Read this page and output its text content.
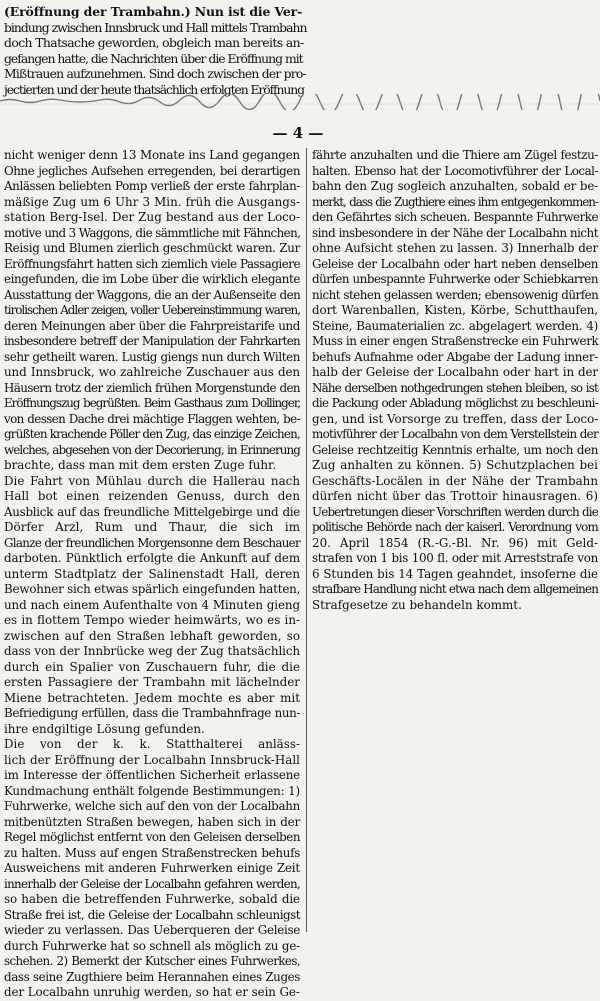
(Eröffnung der Trambahn.) Nun ist die Ver-
bindung zwischen Innsbruck und Hall mittels Trambahn
doch Thatsache geworden, obgleich man bereits an-
gefangen hatte, die Nachrichten über die Eröffnung mit
Mißtrauen aufzunehmen. Sind doch zwischen der pro-
jectierten und der heute thatsächlich erfolgten Eröffnung
— 4 —
nicht weniger denn 13 Monate ins Land gegangen
Ohne jegliches Aufsehen erregenden, bei derartigen
Anlässen beliebten Pomp verließ der erste fahrplan-
mäßige Zug um 6 Uhr 3 Min. früh die Ausgangs-
station Berg-Isel. Der Zug bestand aus der Loco-
motive und 3 Waggons, die sämmtliche mit Fähnchen,
Reisig und Blumen zierlich geschmückt waren. Zur
Eröffnungsfahrt hatten sich ziemlich viele Passagiere
eingefunden, die im Lobe über die wirklich elegante
Ausstattung der Waggons, die an der Außenseite den
tirolischen Adler zeigen, voller Uebereinstimmung waren,
deren Meinungen aber über die Fahrpreistarife und
insbesondere betreff der Manipulation der Fahrkarten
sehr getheilt waren. Lustig giengs nun durch Wilten
und Innsbruck, wo zahlreiche Zuschauer aus den
Häusern trotz der ziemlich frühen Morgenstunde den
Eröffnungszug begrüßten. Beim Gasthaus zum Dollinger,
von dessen Dache drei mächtige Flaggen wehten, be-
grüßten krachende Pöller den Zug, das einzige Zeichen,
welches, abgesehen von der Decorierung, in Erinnerung
brachte, dass man mit dem ersten Zuge fuhr.
Die Fahrt von Mühlau durch die Hallerau nach
Hall bot einen reizenden Genuss, durch den
Ausblick auf das freundliche Mittelgebirge und die
Dörfer Arzl, Rum und Thaur, die sich im
Glanze der freundlichen Morgensonne dem Beschauer
darboten. Pünktlich erfolgte die Ankunft auf dem
unterm Stadtplatz der Salinenstadt Hall, deren
Bewohner sich etwas spärlich eingefunden hatten,
und nach einem Aufenthalte von 4 Minuten gieng
es in flottem Tempo wieder heimwärts, wo es in-
zwischen auf den Straßen lebhaft geworden, so
dass von der Innbrücke weg der Zug thatsächlich
durch ein Spalier von Zuschauern fuhr, die die
ersten Passagiere der Trambahn mit lächelnder
Miene betrachteten. Jedem mochte es aber mit
Befriedigung erfüllen, dass die Trambahnfrage nun-
ihre endgiltige Lösung gefunden.
Die von der k. k. Statthalterei anläss-
lich der Eröffnung der Localbahn Innsbruck-Hall
im Interesse der öffentlichen Sicherheit erlassene
Kundmachung enthält folgende Bestimmungen: 1)
Fuhrwerke, welche sich auf den von der Localbahn
mitbenützten Straßen bewegen, haben sich in der
Regel möglichst entfernt von den Geleisen derselben
zu halten. Muss auf engen Straßenstrecken behufs
Ausweichens mit anderen Fuhrwerken einige Zeit
innerhalb der Geleise der Localbahn gefahren werden,
so haben die betreffenden Fuhrwerke, sobald die
Straße frei ist, die Geleise der Localbahn schleunigst
wieder zu verlassen. Das Ueberqueren der Geleise
durch Fuhrwerke hat so schnell als möglich zu ge-
schehen. 2) Bemerkt der Kutscher eines Fuhrwerkes,
dass seine Zugthiere beim Herannahen eines Zuges
der Localbahn unruhig werden, so hat er sein Ge-
fährte anzuhalten und die Thiere am Zügel festzu-
halten. Ebenso hat der Locomotivführer der Local-
bahn den Zug sogleich anzuhalten, sobald er be-
merkt, dass die Zugthiere eines ihm entgegenkommen-
den Gefährtes sich scheuen. Bespannte Fuhrwerke
sind insbesondere in der Nähe der Localbahn nicht
ohne Aufsicht stehen zu lassen. 3) Innerhalb der
Geleise der Localbahn oder hart neben denselben
dürfen unbespannte Fuhrwerke oder Schiebkarren
nicht stehen gelassen werden; ebensowenig dürfen
dort Warenballen, Kisten, Körbe, Schutthaufen,
Steine, Baumaterialien zc. abgelagert werden. 4)
Muss in einer engen Straßenstrecke ein Fuhrwerk
behufs Aufnahme oder Abgabe der Ladung inner-
halb der Geleise der Localbahn oder hart in der
Nähe derselben nothgedrungen stehen bleiben, so ist
die Packung oder Abladung möglichst zu beschleuni-
gen, und ist Vorsorge zu treffen, dass der Loco-
motivführer der Localbahn von dem Verstellstein der
Geleise rechtzeitig Kenntnis erhalte, um noch den
Zug anhalten zu können. 5) Schutzplachen bei
Geschäfts-Locälen in der Nähe der Trambahn
dürfen nicht über das Trottoir hinausragen. 6)
Uebertretungen dieser Vorschriften werden durch die
politische Behörde nach der kaiserl. Verordnung vom
20. April 1854 (R.-G.-Bl. Nr. 96) mit Geld-
strafen von 1 bis 100 fl. oder mit Arreststrafe von
6 Stunden bis 14 Tagen geahndet, insoferne die
strafbare Handlung nicht etwa nach dem allgemeinen
Strafgesetze zu behandeln kommt.
